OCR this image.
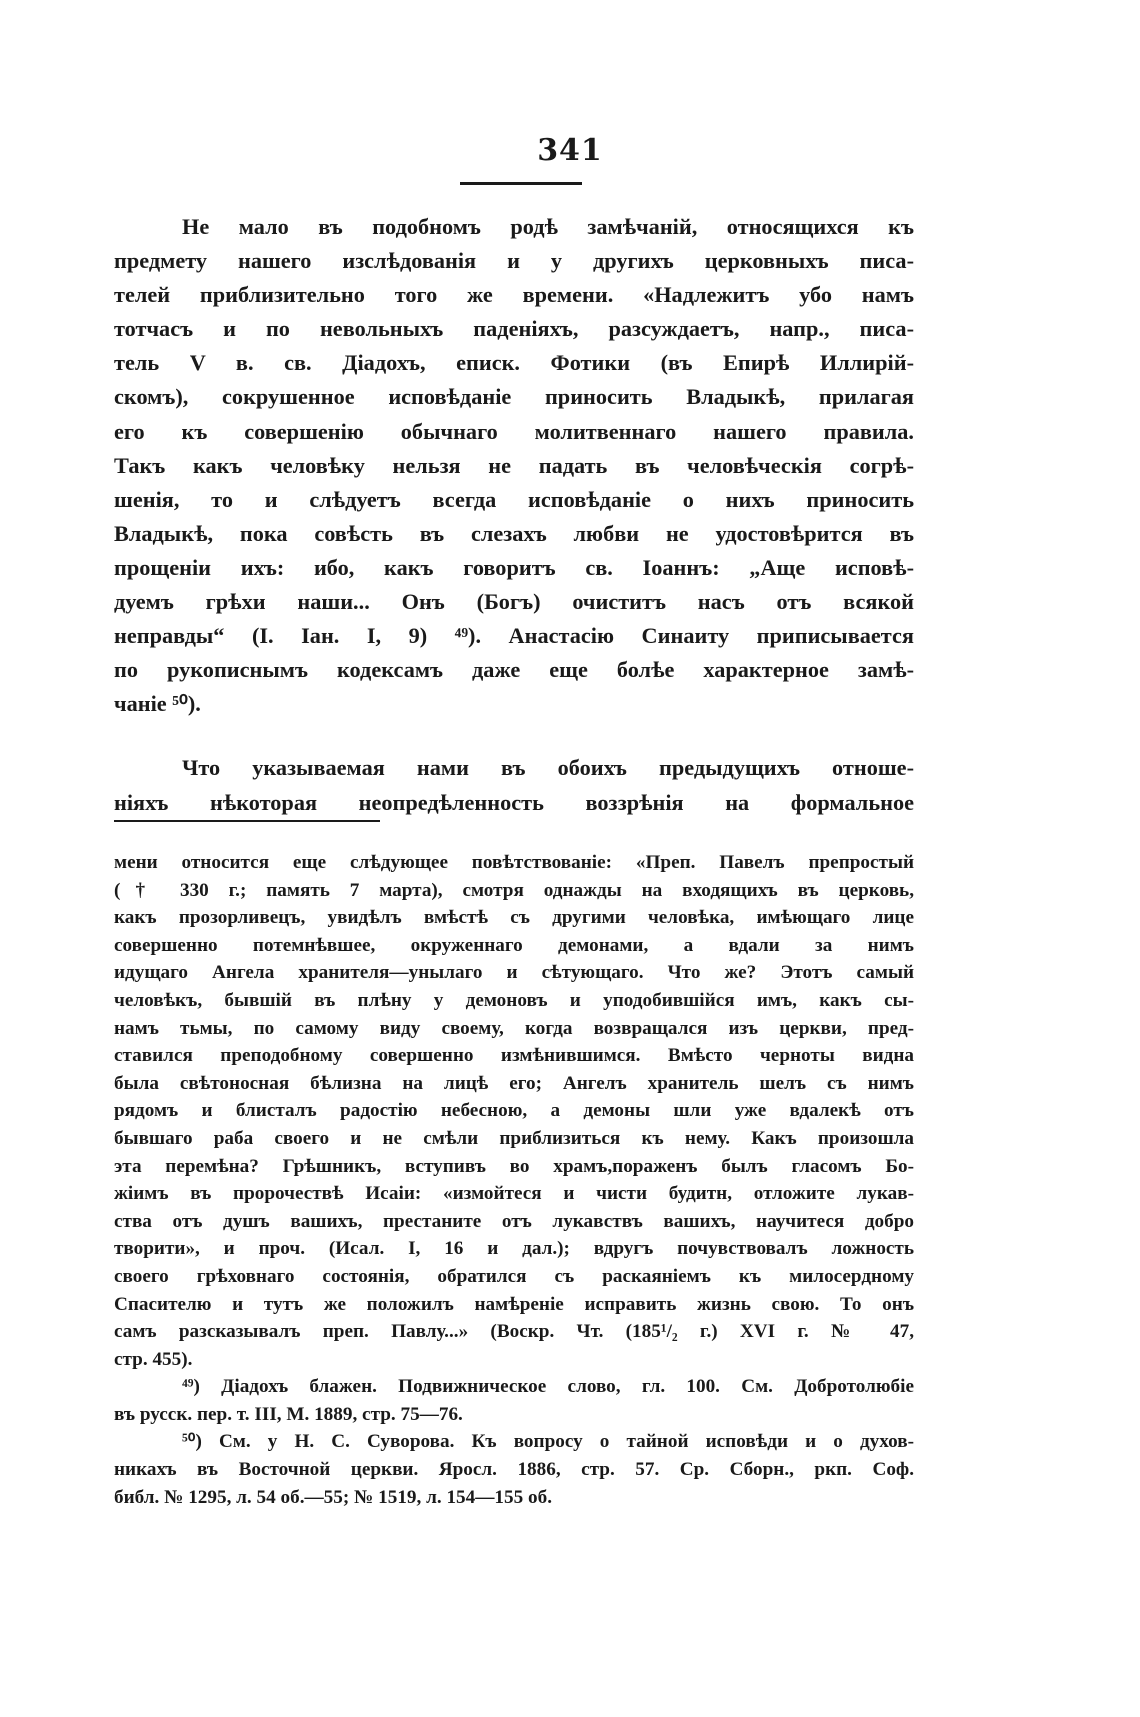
341
Не мало въ подобномъ родѣ замѣчаній, относящихся къ
предмету нашего изслѣдованія и у другихъ церковныхъ писа-
телей приблизительно того же времени. «Надлежитъ убо намъ
тотчасъ и по невольныхъ паденіяхъ, разсуждаетъ, напр., писа-
тель V в. св. Діадохъ, еписк. Фотики (въ Епирѣ Иллирій-
скомъ), сокрушенное исповѣданіе приносить Владыкѣ, прилагая
его къ совершенію обычнаго молитвеннаго нашего правила.
Такъ какъ человѣку нельзя не падать въ человѣческія согрѣ-
шенія, то и слѣдуетъ всегда исповѣданіе о нихъ приносить
Владыкѣ, пока совѣсть въ слезахъ любви не удостовѣрится въ
прощеніи ихъ: ибо, какъ говоритъ св. Іоаннъ: „Аще исповѣ-
дуемъ грѣхи наши... Онъ (Богъ) очиститъ насъ отъ всякой
неправды“ (І. Іан. І, 9) ⁴⁹). Анастасію Синаиту приписывается
по рукописнымъ кодексамъ даже еще болѣе характерное замѣ-
чаніе ⁵⁰).
Что указываемая нами въ обоихъ предыдущихъ отноше-
ніяхъ нѣкоторая неопредѣленность воззрѣнія на формальное
мени относится еще слѣдующее повѣтствованіе: «Преп. Павелъ препростый
(† 330 г.; память 7 марта), смотря однажды на входящихъ въ церковь,
какъ прозорливецъ, увидѣлъ вмѣстѣ съ другими человѣка, имѣющаго лице
совершенно потемнѣвшее, окруженнаго демонами, а вдали за нимъ
идущаго Ангела хранителя—унылаго и сѣтующаго. Что же? Этотъ самый
человѣкъ, бывшій въ плѣну у демоновъ и уподобившійся имъ, какъ сы-
намъ тьмы, по самому виду своему, когда возвращался изъ церкви, пред-
ставился преподобному совершенно измѣнившимся. Вмѣсто черноты видна
была свѣтоносная бѣлизна на лицѣ его; Ангелъ хранитель шелъ съ нимъ
рядомъ и блисталъ радостію небесною, а демоны шли уже вдалекѣ отъ
бывшаго раба своего и не смѣли приблизиться къ нему. Какъ произошла
эта перемѣна? Грѣшникъ, вступивъ во храмъ,пораженъ былъ гласомъ Бо-
жіимъ въ пророчествѣ Исаіи: «измойтеся и чисти будитн, отложите лукав-
ства отъ душъ вашихъ, престаните отъ лукавствъ вашихъ, научитеся добро
творити», и проч. (Исал. І, 16 и дал.); вдругъ почувствовалъ ложность
своего грѣховнаго состоянія, обратился съ раскаяніемъ къ милосердному
Спасителю и тутъ же положилъ намѣреніе исправить жизнь свою. То онъ
самъ разсказывалъ преп. Павлу...» (Воскр. Чт. (185¹/₂ г.) XVI г. № 47,
стр. 455).
⁴⁹) Діадохъ блажен. Подвижническое слово, гл. 100. См. Добротолюбіе
въ русск. пер. т. III, М. 1889, стр. 75—76.
⁵⁰) См. у Н. С. Суворова. Къ вопросу о тайной исповѣди и о духов-
никахъ въ Восточной церкви. Яросл. 1886, стр. 57. Ср. Сборн., ркп. Соф.
библ. № 1295, л. 54 об.—55; № 1519, л. 154—155 об.
